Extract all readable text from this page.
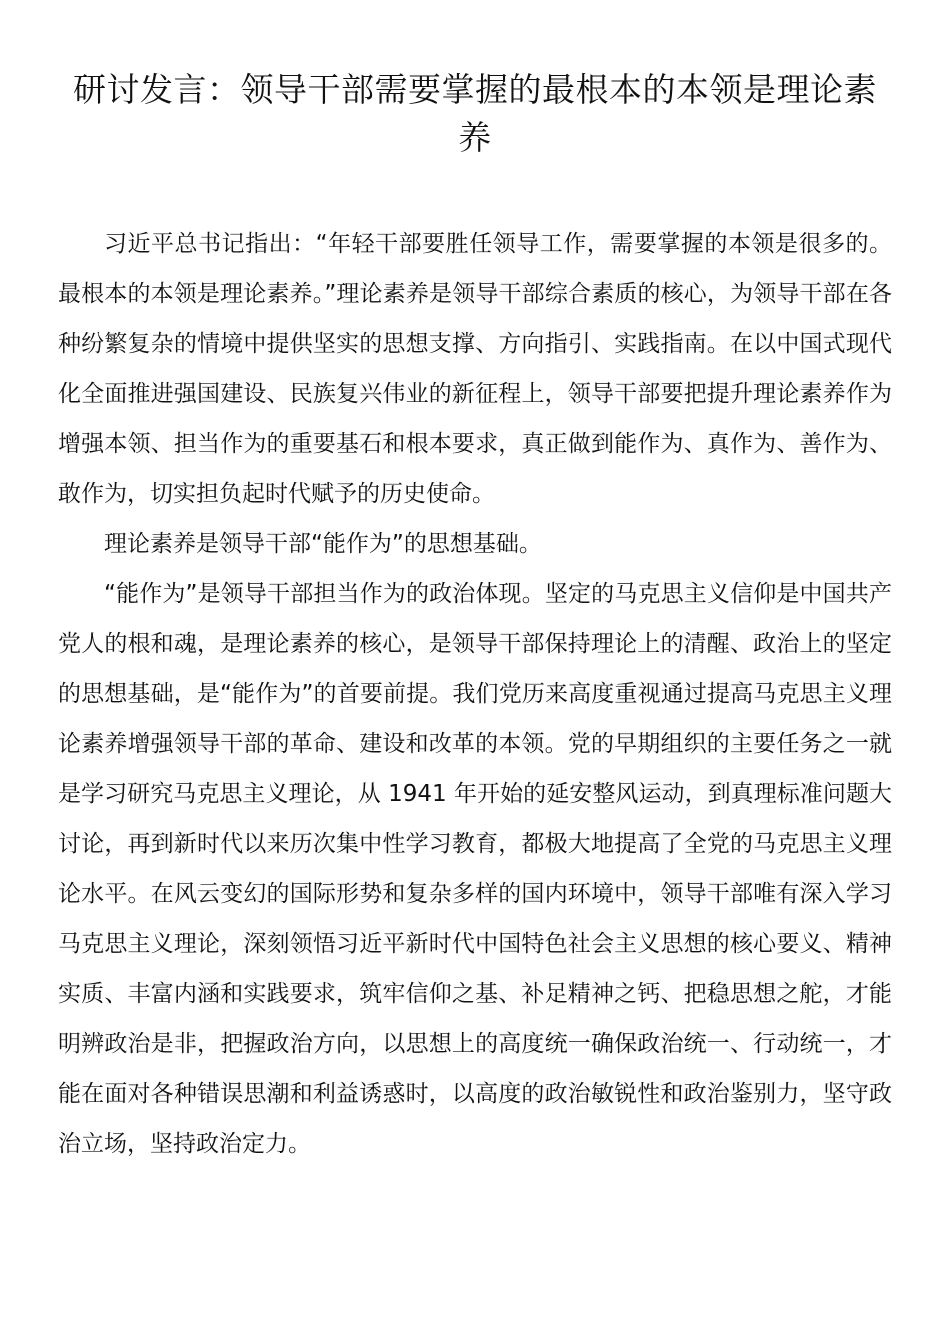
研讨发言：领导干部需要掌握的最根本的本领是理论素养

习近平总书记指出：“年轻干部要胜任领导工作，需要掌握的本领是很多的。最根本的本领是理论素养。”理论素养是领导干部综合素质的核心，为领导干部在各种纷繁复杂的情境中提供坚实的思想支撑、方向指引、实践指南。在以中国式现代化全面推进强国建设、民族复兴伟业的新征程上，领导干部要把提升理论素养作为增强本领、担当作为的重要基石和根本要求，真正做到能作为、真作为、善作为、敢作为，切实担负起时代赋予的历史使命。

理论素养是领导干部“能作为”的思想基础。

“能作为”是领导干部担当作为的政治体现。坚定的马克思主义信仰是中国共产党人的根和魂，是理论素养的核心，是领导干部保持理论上的清醒、政治上的坚定的思想基础，是“能作为”的首要前提。我们党历来高度重视通过提高马克思主义理论素养增强领导干部的革命、建设和改革的本领。党的早期组织的主要任务之一就是学习研究马克思主义理论，从 1941 年开始的延安整风运动，到真理标准问题大讨论，再到新时代以来历次集中性学习教育，都极大地提高了全党的马克思主义理论水平。在风云变幻的国际形势和复杂多样的国内环境中，领导干部唯有深入学习马克思主义理论，深刻领悟习近平新时代中国特色社会主义思想的核心要义、精神实质、丰富内涵和实践要求，筑牢信仰之基、补足精神之钙、把稳思想之舵，才能明辨政治是非，把握政治方向，以思想上的高度统一确保政治统一、行动统一，才能在面对各种错误思潮和利益诱惑时，以高度的政治敏锐性和政治鉴别力，坚守政治立场，坚持政治定力。
